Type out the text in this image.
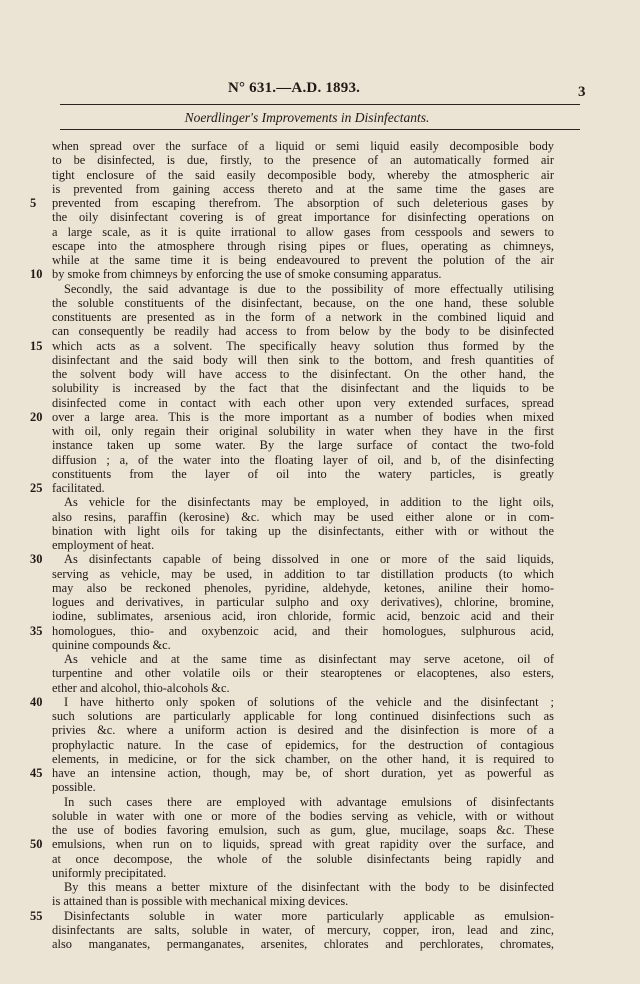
N° 631.—A.D. 1893.	3
Noerdlinger's Improvements in Disinfectants.
when spread over the surface of a liquid or semi liquid easily decomposible body
to be disinfected, is due, firstly, to the presence of an automatically formed air
tight enclosure of the said easily decomposible body, whereby the atmospheric air
is prevented from gaining access thereto and at the same time the gases are
prevented from escaping therefrom. The absorption of such deleterious gases by
the oily disinfectant covering is of great importance for disinfecting operations on
a large scale, as it is quite irrational to allow gases from cesspools and sewers to
escape into the atmosphere through rising pipes or flues, operating as chimneys,
while at the same time it is being endeavoured to prevent the polution of the air
by smoke from chimneys by enforcing the use of smoke consuming apparatus.
Secondly, the said advantage is due to the possibility of more effectually utilising
the soluble constituents of the disinfectant, because, on the one hand, these soluble
constituents are presented as in the form of a network in the combined liquid and
can consequently be readily had access to from below by the body to be disinfected
which acts as a solvent. The specifically heavy solution thus formed by the
disinfectant and the said body will then sink to the bottom, and fresh quantities of
the solvent body will have access to the disinfectant. On the other hand, the
solubility is increased by the fact that the disinfectant and the liquids to be
disinfected come in contact with each other upon very extended surfaces, spread
over a large area. This is the more important as a number of bodies when mixed
with oil, only regain their original solubility in water when they have in the first
instance taken up some water. By the large surface of contact the two-fold
diffusion ; a, of the water into the floating layer of oil, and b, of the disinfecting
constituents from the layer of oil into the watery particles, is greatly
facilitated.
As vehicle for the disinfectants may be employed, in addition to the light oils,
also resins, paraffin (kerosine) &c. which may be used either alone or in com-
bination with light oils for taking up the disinfectants, either with or without the
employment of heat.
As disinfectants capable of being dissolved in one or more of the said liquids,
serving as vehicle, may be used, in addition to tar distillation products (to which
may also be reckoned phenoles, pyridine, aldehyde, ketones, aniline their homo-
logues and derivatives, in particular sulpho and oxy derivatives), chlorine, bromine,
iodine, sublimates, arsenious acid, iron chloride, formic acid, benzoic acid and their
homologues, thio- and oxybenzoic acid, and their homologues, sulphurous acid,
quinine compounds &c.
As vehicle and at the same time as disinfectant may serve acetone, oil of
turpentine and other volatile oils or their stearoptenes or elacoptenes, also esters,
ether and alcohol, thio-alcohols &c.
I have hitherto only spoken of solutions of the vehicle and the disinfectant ;
such solutions are particularly applicable for long continued disinfections such as
privies &c. where a uniform action is desired and the disinfection is more of a
prophylactic nature. In the case of epidemics, for the destruction of contagious
elements, in medicine, or for the sick chamber, on the other hand, it is required to
have an intensine action, though, may be, of short duration, yet as powerful as
possible.
In such cases there are employed with advantage emulsions of disinfectants
soluble in water with one or more of the bodies serving as vehicle, with or without
the use of bodies favoring emulsion, such as gum, glue, mucilage, soaps &c. These
emulsions, when run on to liquids, spread with great rapidity over the surface, and
at once decompose, the whole of the soluble disinfectants being rapidly and
uniformly precipitated.
By this means a better mixture of the disinfectant with the body to be disinfected
is attained than is possible with mechanical mixing devices.
Disinfectants soluble in water more particularly applicable as emulsion-
disinfectants are salts, soluble in water, of mercury, copper, iron, lead and zinc,
also manganates, permanganates, arsenites, chlorates and perchlorates, chromates,
5
10
15
20
25
30
35
40
45
50
55
